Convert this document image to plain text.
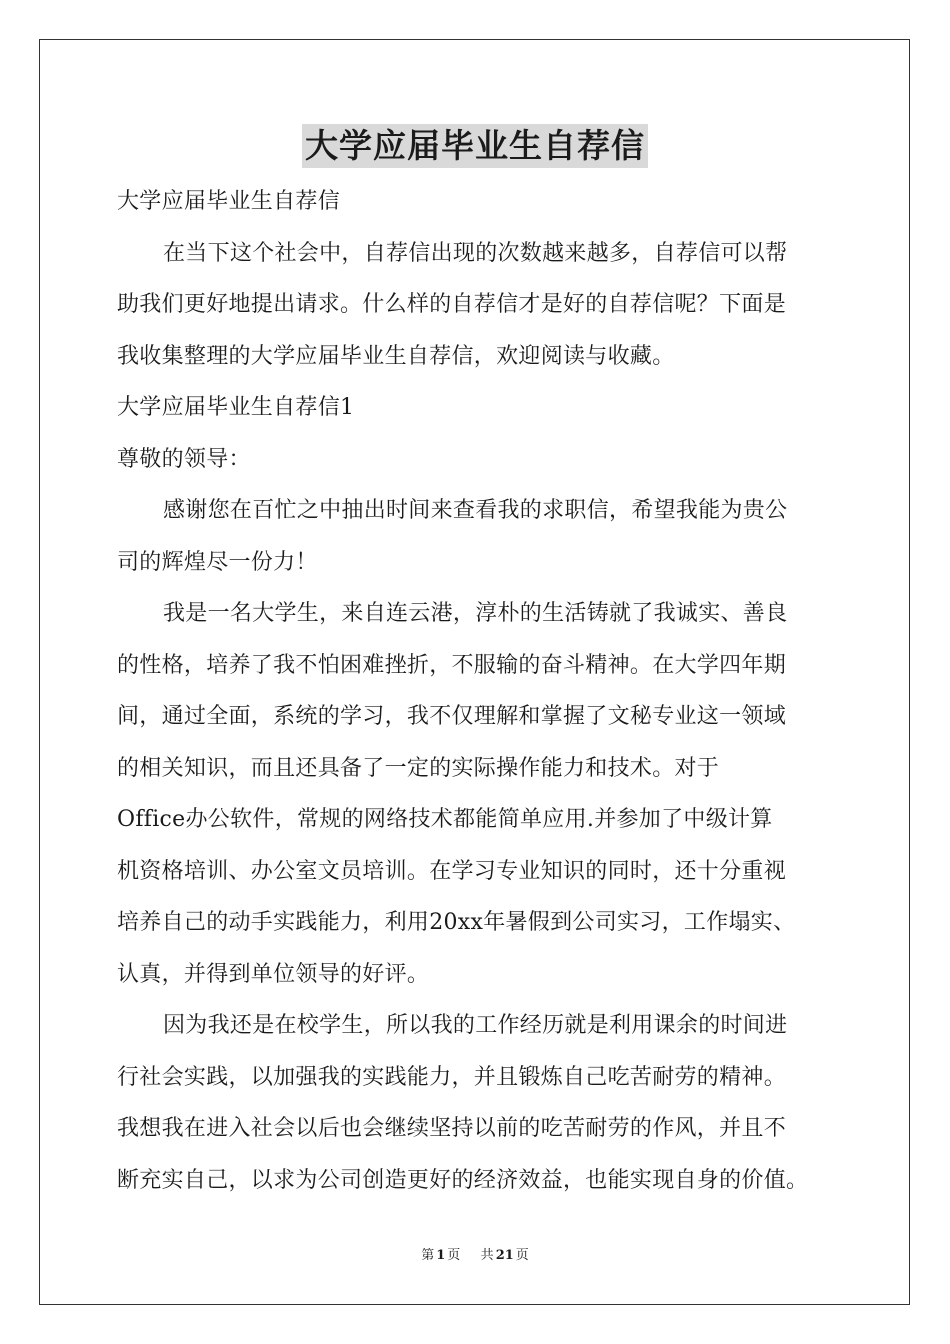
大学应届毕业生自荐信
大学应届毕业生自荐信
在当下这个社会中，自荐信出现的次数越来越多，自荐信可以帮
助我们更好地提出请求。什么样的自荐信才是好的自荐信呢？下面是
我收集整理的大学应届毕业生自荐信，欢迎阅读与收藏。
大学应届毕业生自荐信1
尊敬的领导：
感谢您在百忙之中抽出时间来查看我的求职信，希望我能为贵公
司的辉煌尽一份力！
我是一名大学生，来自连云港，淳朴的生活铸就了我诚实、善良
的性格，培养了我不怕困难挫折，不服输的奋斗精神。在大学四年期
间，通过全面，系统的学习，我不仅理解和掌握了文秘专业这一领域
的相关知识，而且还具备了一定的实际操作能力和技术。对于
Office办公软件，常规的网络技术都能简单应用.并参加了中级计算
机资格培训、办公室文员培训。在学习专业知识的同时，还十分重视
培养自己的动手实践能力，利用20xx年暑假到公司实习，工作塌实、
认真，并得到单位领导的好评。
因为我还是在校学生，所以我的工作经历就是利用课余的时间进
行社会实践，以加强我的实践能力，并且锻炼自己吃苦耐劳的精神。
我想我在进入社会以后也会继续坚持以前的吃苦耐劳的作风，并且不
断充实自己，以求为公司创造更好的经济效益，也能实现自身的价值。
第 1 页 共 21 页
